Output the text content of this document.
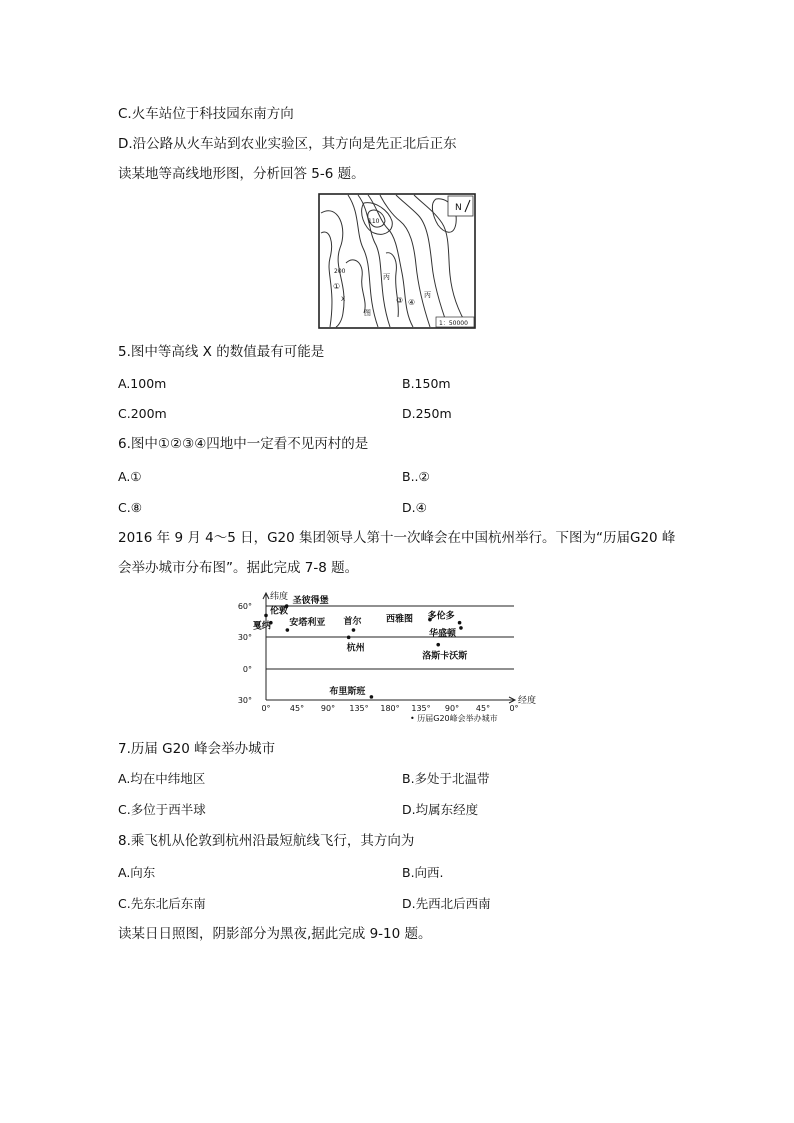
C.火车站位于科技园东南方向
D.沿公路从火车站到农业实验区，其方向是先正北后正东
读某地等高线地形图，分析回答 5-6 题。
N
110
200
X
①
丙
③ ④
丙
图
1：50000
5.图中等高线 X 的数值最有可能是
A.100m	B.150m
C.200m	D.250m
6.图中①②③④四地中一定看不见丙村的是
A.①	B..②
C.⑧	D.④
2016 年 9 月 4～5 日，G20 集团领导人第十一次峰会在中国杭州举行。下图为“历届G20 峰会举办城市分布图”。据此完成 7-8 题。
纬度
经度
60°
30°
0°
30°
• 历届G20峰会举办城市
0° 45° 90° 135° 180° 135° 90° 45° 0°
圣彼得堡
安塔利亚 首尔
杭州
西雅图 多伦多
华盛顿
伦敦
戛纳
洛斯卡沃斯
布里斯班
7.历届 G20 峰会举办城市
A.均在中纬地区	B.多处于北温带
C.多位于西半球	D.均属东经度
8.乘飞机从伦敦到杭州沿最短航线飞行，其方向为
A.向东	B.向西.
C.先东北后东南	D.先西北后西南
读某日日照图，阴影部分为黑夜,据此完成 9-10 题。
